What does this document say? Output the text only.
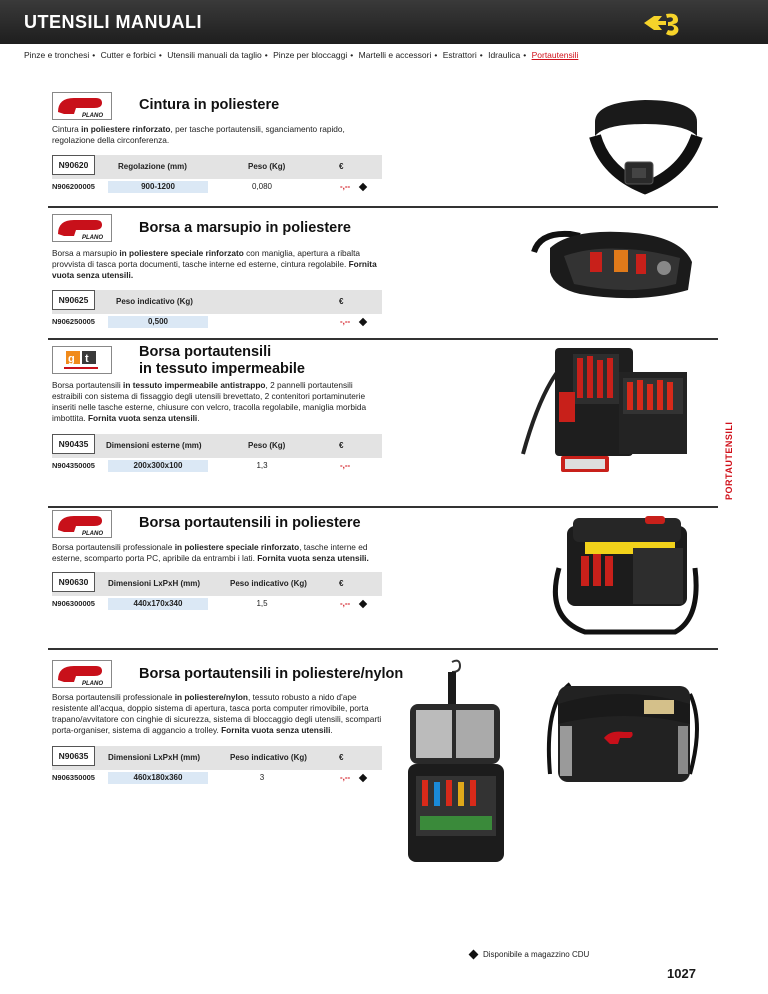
UTENSILI MANUALI
Pinze e tronchesi • Cutter e forbici • Utensili manuali da taglio • Pinze per bloccaggi • Martelli e accessori • Estrattori • Idraulica • Portautensili
PORTAUTENSILI
PLANO
Cintura in poliestere
Cintura in poliestere rinforzato, per tasche portautensili, sganciamento rapido, regolazione della circonferenza.
N90620	Regolazione (mm)	Peso (Kg)	€
N906200005	900-1200	0,080	-,--
PLANO
Borsa a marsupio in poliestere
Borsa a marsupio in poliestere speciale rinforzato con maniglia, apertura a ribalta provvista di tasca porta documenti, tasche interne ed esterne, cintura regolabile. Fornita vuota senza utensili.
N90625	Peso indicativo (Kg)	€
N906250005	0,500	-,--
g t	Borsa portautensili
in tessuto impermeabile
Borsa portautensili in tessuto impermeabile antistrappo, 2 pannelli portautensili estraibili con sistema di fissaggio degli utensili brevettato, 2 contenitori portaminuterie inseriti nelle tasche esterne, chiusure con velcro, tracolla regolabile, maniglia morbida imbottita. Fornita vuota senza utensili.
N90435	Dimensioni esterne (mm)	Peso (Kg)	€
N904350005	200x300x100	1,3	-,--
PLANO
Borsa portautensili in poliestere
Borsa portautensili professionale in poliestere speciale rinforzato, tasche interne ed esterne, scomparto porta PC, apribile da entrambi i lati. Fornita vuota senza utensili.
N90630	Dimensioni LxPxH (mm)	Peso indicativo (Kg)	€
N906300005	440x170x340	1,5	-,--
PLANO
Borsa portautensili in poliestere/nylon
Borsa portautensili professionale in poliestere/nylon, tessuto robusto a nido d'ape resistente all'acqua, doppio sistema di apertura, tasca porta computer rimovibile, porta trapano/avvitatore con cinghie di sicurezza, sistema di bloccaggio degli utensili, scomparti porta-organiser, sistema di aggancio a trolley. Fornita vuota senza utensili.
N90635	Dimensioni LxPxH (mm)	Peso indicativo (Kg)	€
N906350005	460x180x360	3	-,--
Disponibile a magazzino CDU
1027
